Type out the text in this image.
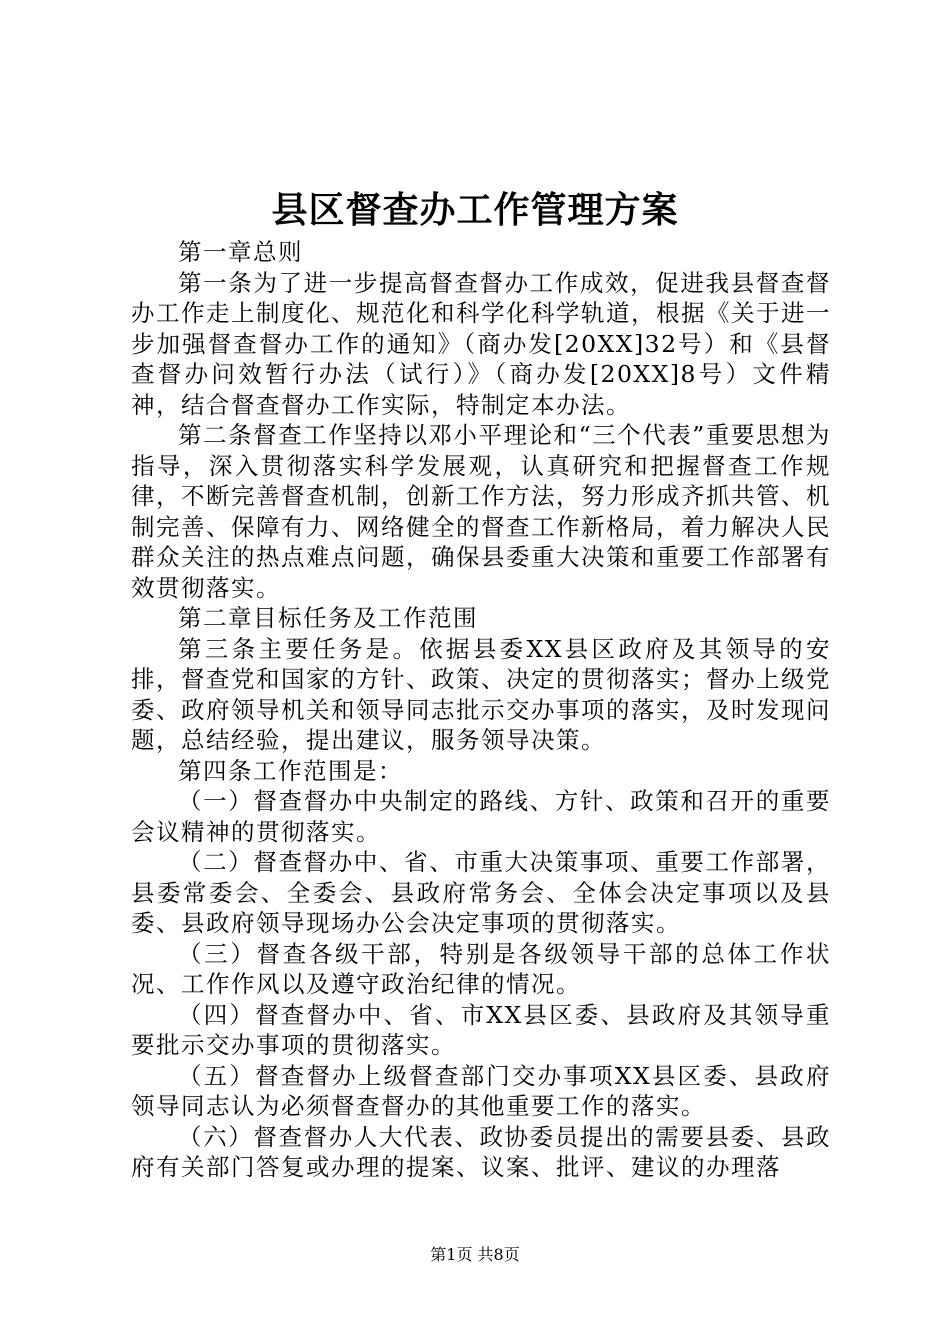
县区督查办工作管理方案

第一章总则

第一条为了进一步提高督查督办工作成效，促进我县督查督办工作走上制度化、规范化和科学化科学轨道，根据《关于进一步加强督查督办工作的通知》（商办发[20XX]32号）和《县督查督办问效暂行办法（试行）》（商办发[20XX]8号）文件精神，结合督查督办工作实际，特制定本办法。

第二条督查工作坚持以邓小平理论和“三个代表”重要思想为指导，深入贯彻落实科学发展观，认真研究和把握督查工作规律，不断完善督查机制，创新工作方法，努力形成齐抓共管、机制完善、保障有力、网络健全的督查工作新格局，着力解决人民群众关注的热点难点问题，确保县委重大决策和重要工作部署有效贯彻落实。

第二章目标任务及工作范围

第三条主要任务是。依据县委XX县区政府及其领导的安排，督查党和国家的方针、政策、决定的贯彻落实；督办上级党委、政府领导机关和领导同志批示交办事项的落实，及时发现问题，总结经验，提出建议，服务领导决策。

第四条工作范围是：

（一）督查督办中央制定的路线、方针、政策和召开的重要会议精神的贯彻落实。

（二）督查督办中、省、市重大决策事项、重要工作部署，县委常委会、全委会、县政府常务会、全体会决定事项以及县委、县政府领导现场办公会决定事项的贯彻落实。

（三）督查各级干部，特别是各级领导干部的总体工作状况、工作作风以及遵守政治纪律的情况。

（四）督查督办中、省、市XX县区委、县政府及其领导重要批示交办事项的贯彻落实。

（五）督查督办上级督查部门交办事项XX县区委、县政府领导同志认为必须督查督办的其他重要工作的落实。

（六）督查督办人大代表、政协委员提出的需要县委、县政府有关部门答复或办理的提案、议案、批评、建议的办理落

第1页 共8页
